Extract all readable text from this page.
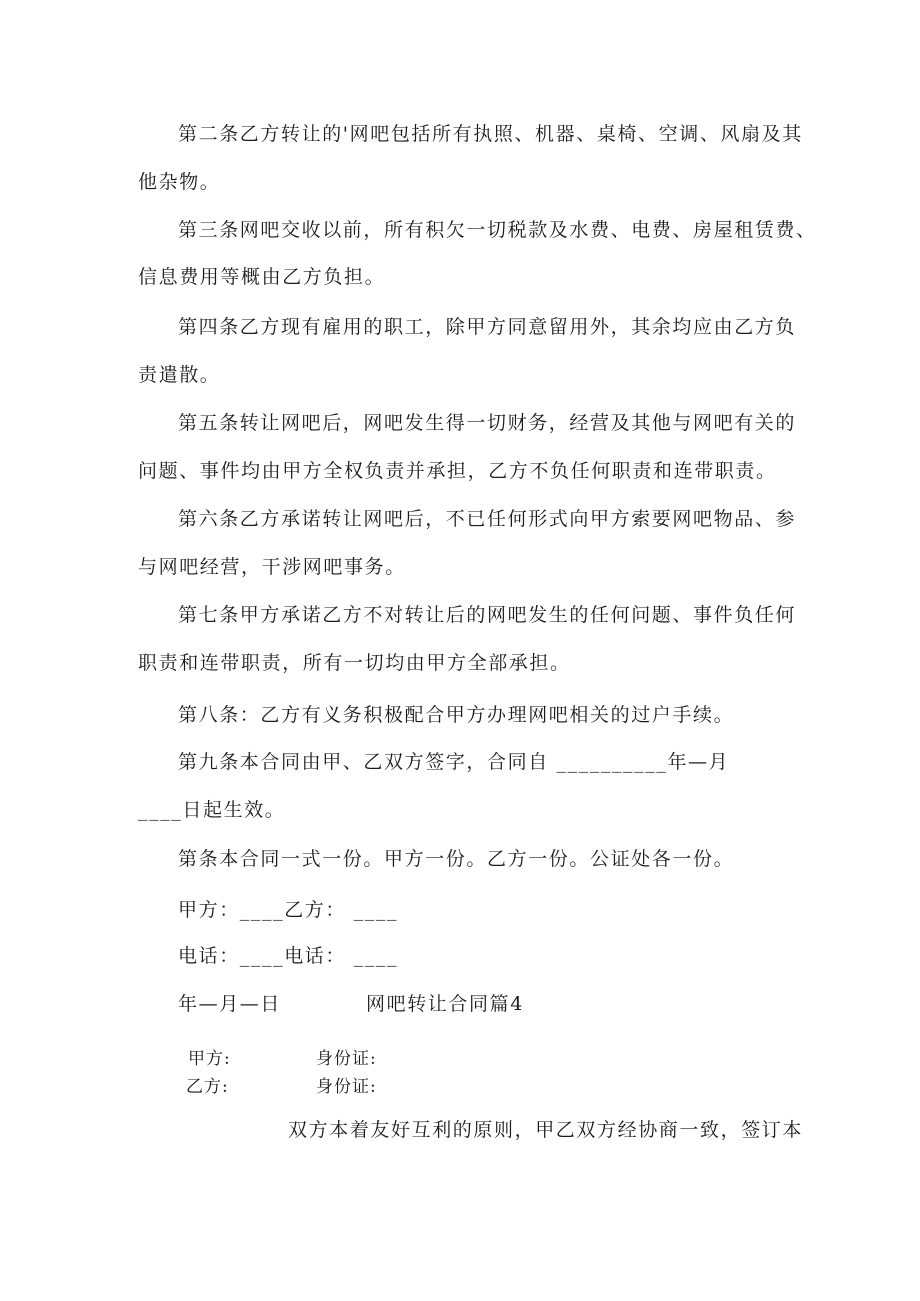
第二条乙方转让的'网吧包括所有执照、机器、桌椅、空调、风扇及其
他杂物。
第三条网吧交收以前，所有积欠一切税款及水费、电费、房屋租赁费、
信息费用等概由乙方负担。
第四条乙方现有雇用的职工，除甲方同意留用外，其余均应由乙方负
责遣散。
第五条转让网吧后，网吧发生得一切财务，经营及其他与网吧有关的
问题、事件均由甲方全权负责并承担，乙方不负任何职责和连带职责。
第六条乙方承诺转让网吧后，不已任何形式向甲方索要网吧物品、参
与网吧经营，干涉网吧事务。
第七条甲方承诺乙方不对转让后的网吧发生的任何问题、事件负任何
职责和连带职责，所有一切均由甲方全部承担。
第八条：乙方有义务积极配合甲方办理网吧相关的过户手续。
第九条本合同由甲、乙双方签字，合同自 __________年—月
____日起生效。
第条本合同一式一份。甲方一份。乙方一份。公证处各一份。
甲方：____乙方： ____
电话：____电话： ____
年—月—日	网吧转让合同篇4
甲方:	身份证:
乙方:	身份证:
双方本着友好互利的原则，甲乙双方经协商一致，签订本
